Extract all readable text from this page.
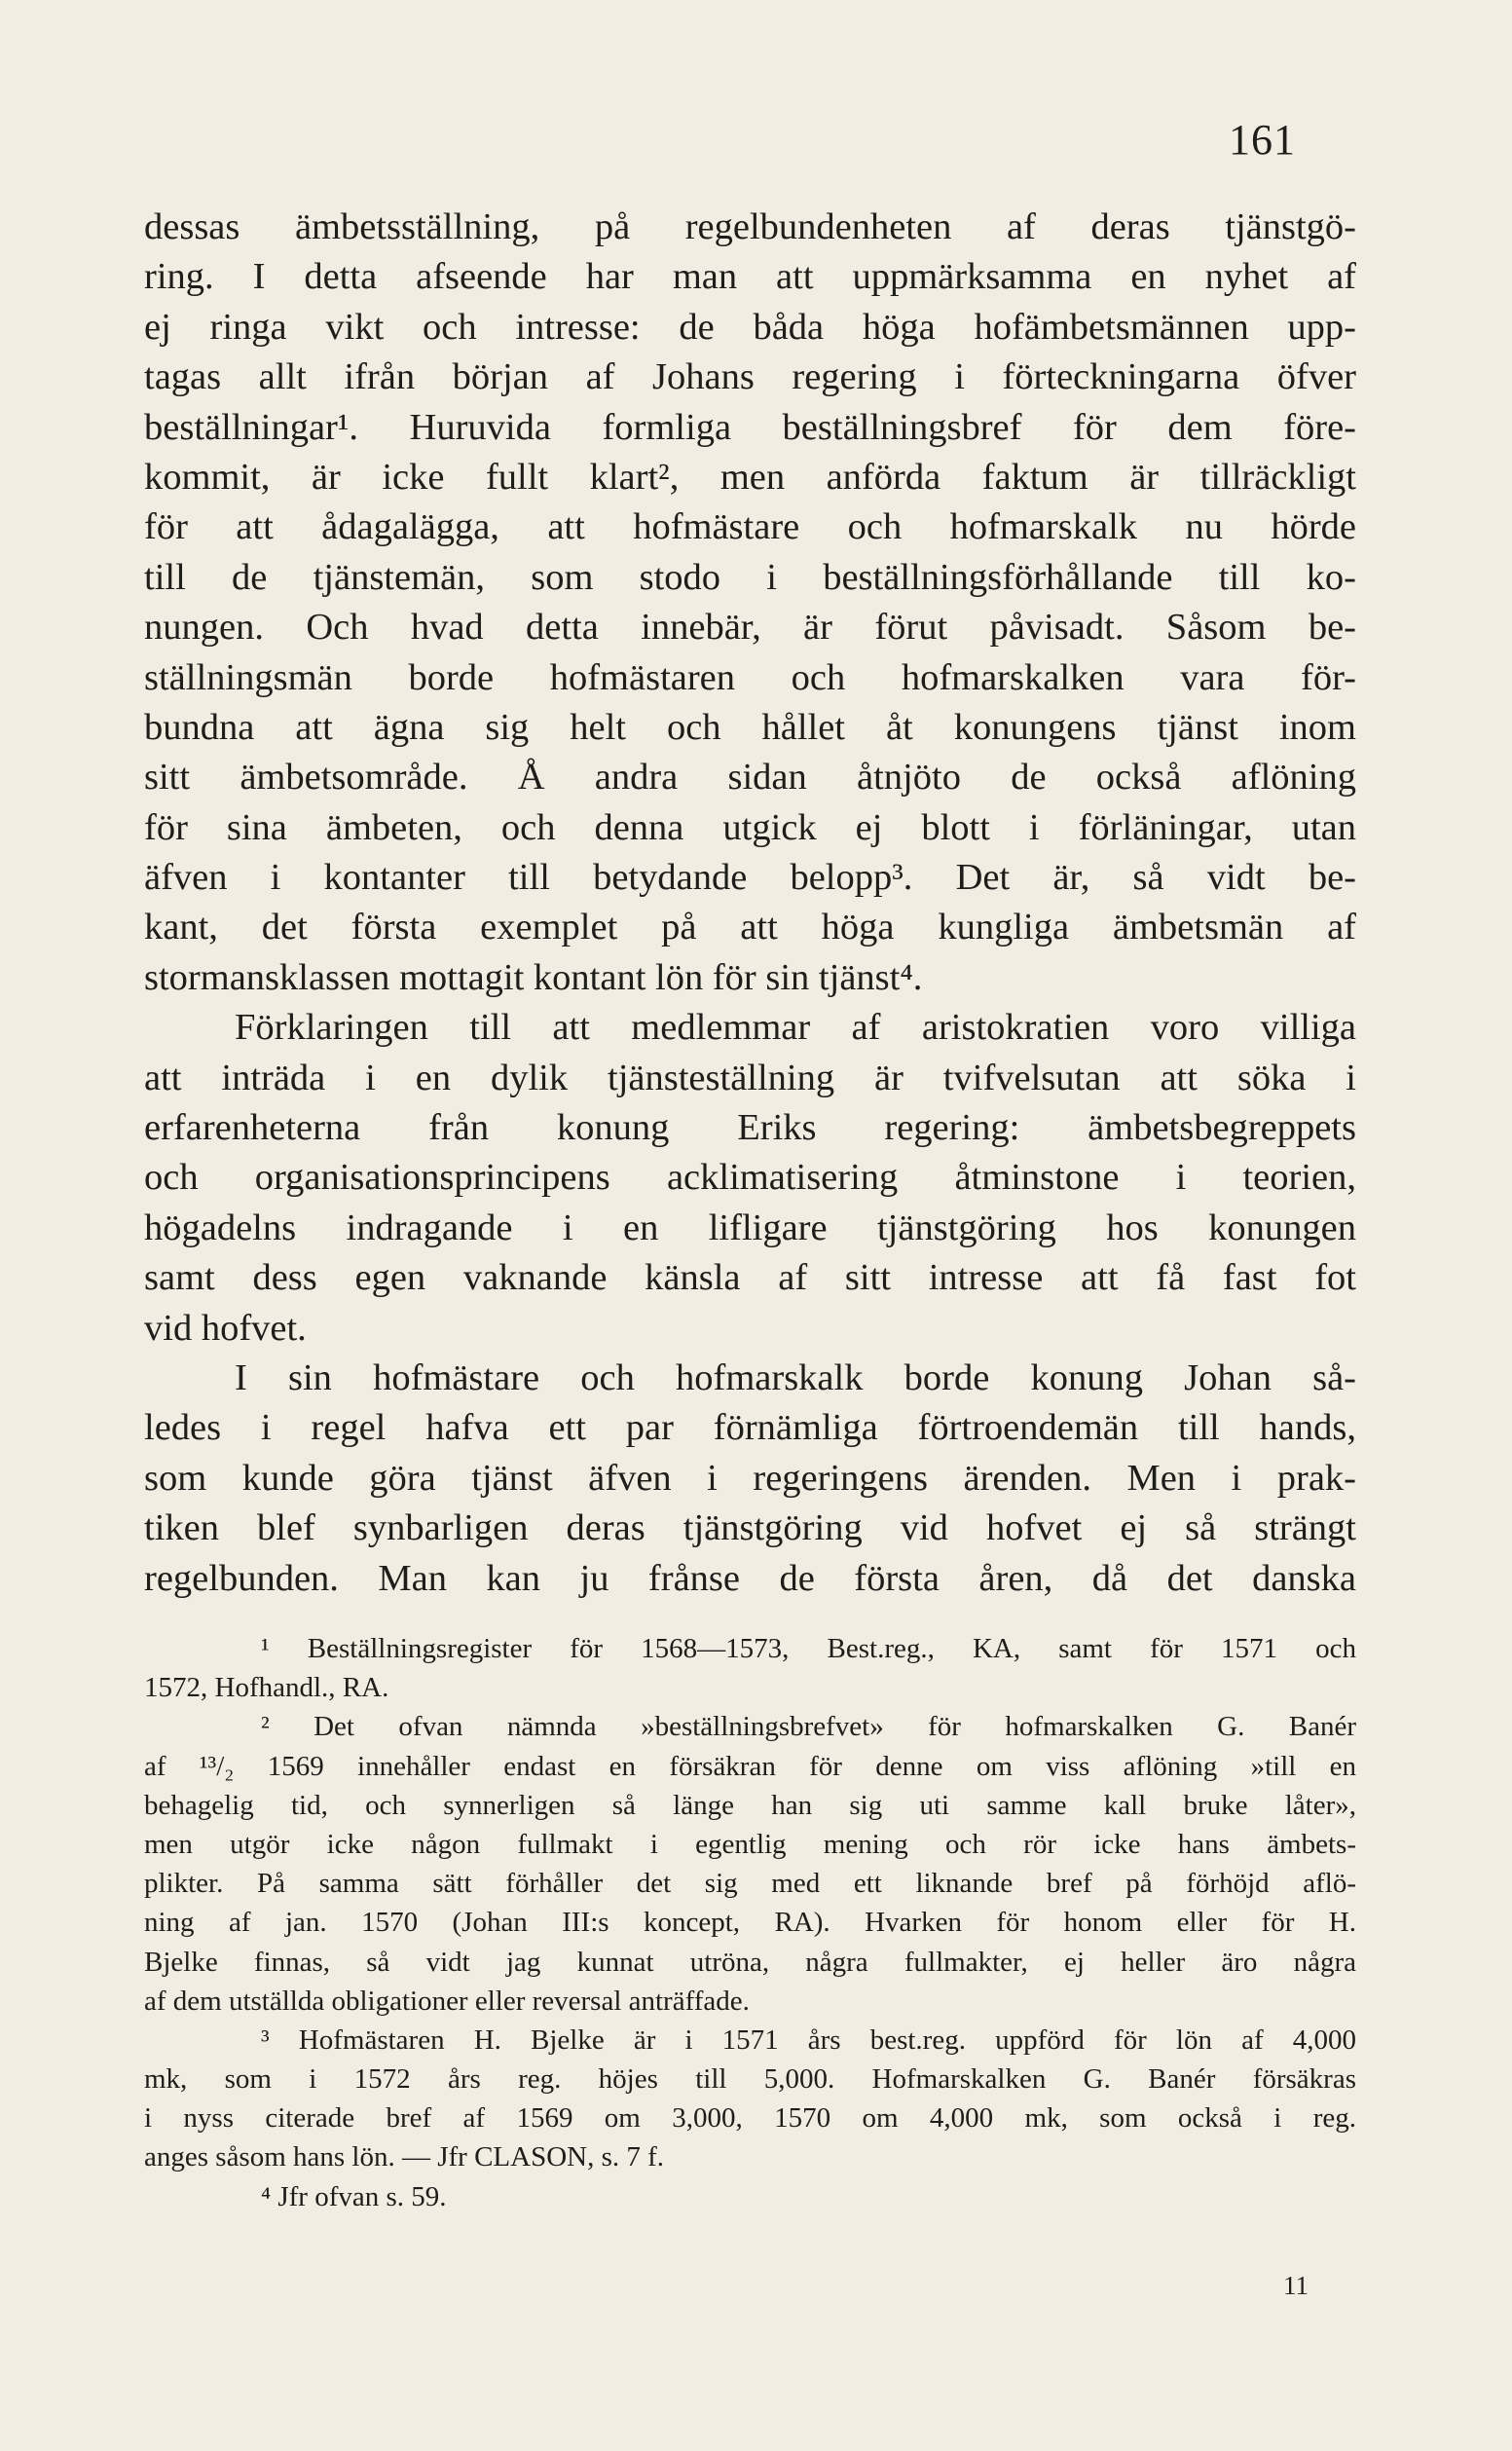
161
dessas ämbetsställning, på regelbundenheten af deras tjänstgö-
ring. I detta afseende har man att uppmärksamma en nyhet af
ej ringa vikt och intresse: de båda höga hofämbetsmännen upp-
tagas allt ifrån början af Johans regering i förteckningarna öfver
beställningar¹. Huruvida formliga beställningsbref för dem före-
kommit, är icke fullt klart², men anförda faktum är tillräckligt
för att ådagalägga, att hofmästare och hofmarskalk nu hörde
till de tjänstemän, som stodo i beställningsförhållande till ko-
nungen. Och hvad detta innebär, är förut påvisadt. Såsom be-
ställningsmän borde hofmästaren och hofmarskalken vara för-
bundna att ägna sig helt och hållet åt konungens tjänst inom
sitt ämbetsområde. Å andra sidan åtnjöto de också aflöning
för sina ämbeten, och denna utgick ej blott i förläningar, utan
äfven i kontanter till betydande belopp³. Det är, så vidt be-
kant, det första exemplet på att höga kungliga ämbetsmän af
stormansklassen mottagit kontant lön för sin tjänst⁴.
Förklaringen till att medlemmar af aristokratien voro villiga
att inträda i en dylik tjänsteställning är tvifvelsutan att söka i
erfarenheterna från konung Eriks regering: ämbetsbegreppets
och organisationsprincipens acklimatisering åtminstone i teorien,
högadelns indragande i en lifligare tjänstgöring hos konungen
samt dess egen vaknande känsla af sitt intresse att få fast fot
vid hofvet.
I sin hofmästare och hofmarskalk borde konung Johan så-
ledes i regel hafva ett par förnämliga förtroendemän till hands,
som kunde göra tjänst äfven i regeringens ärenden. Men i prak-
tiken blef synbarligen deras tjänstgöring vid hofvet ej så strängt
regelbunden. Man kan ju frånse de första åren, då det danska
¹ Beställningsregister för 1568—1573, Best.reg., KA, samt för 1571 och
1572, Hofhandl., RA.
² Det ofvan nämnda »beställningsbrefvet» för hofmarskalken G. Banér
af ¹³/₂ 1569 innehåller endast en försäkran för denne om viss aflöning »till en
behagelig tid, och synnerligen så länge han sig uti samme kall bruke låter»,
men utgör icke någon fullmakt i egentlig mening och rör icke hans ämbets-
plikter. På samma sätt förhåller det sig med ett liknande bref på förhöjd aflö-
ning af jan. 1570 (Johan III:s koncept, RA). Hvarken för honom eller för H.
Bjelke finnas, så vidt jag kunnat utröna, några fullmakter, ej heller äro några
af dem utställda obligationer eller reversal anträffade.
³ Hofmästaren H. Bjelke är i 1571 års best.reg. uppförd för lön af 4,000
mk, som i 1572 års reg. höjes till 5,000. Hofmarskalken G. Banér försäkras
i nyss citerade bref af 1569 om 3,000, 1570 om 4,000 mk, som också i reg.
anges såsom hans lön. — Jfr CLASON, s. 7 f.
⁴ Jfr ofvan s. 59.
11
